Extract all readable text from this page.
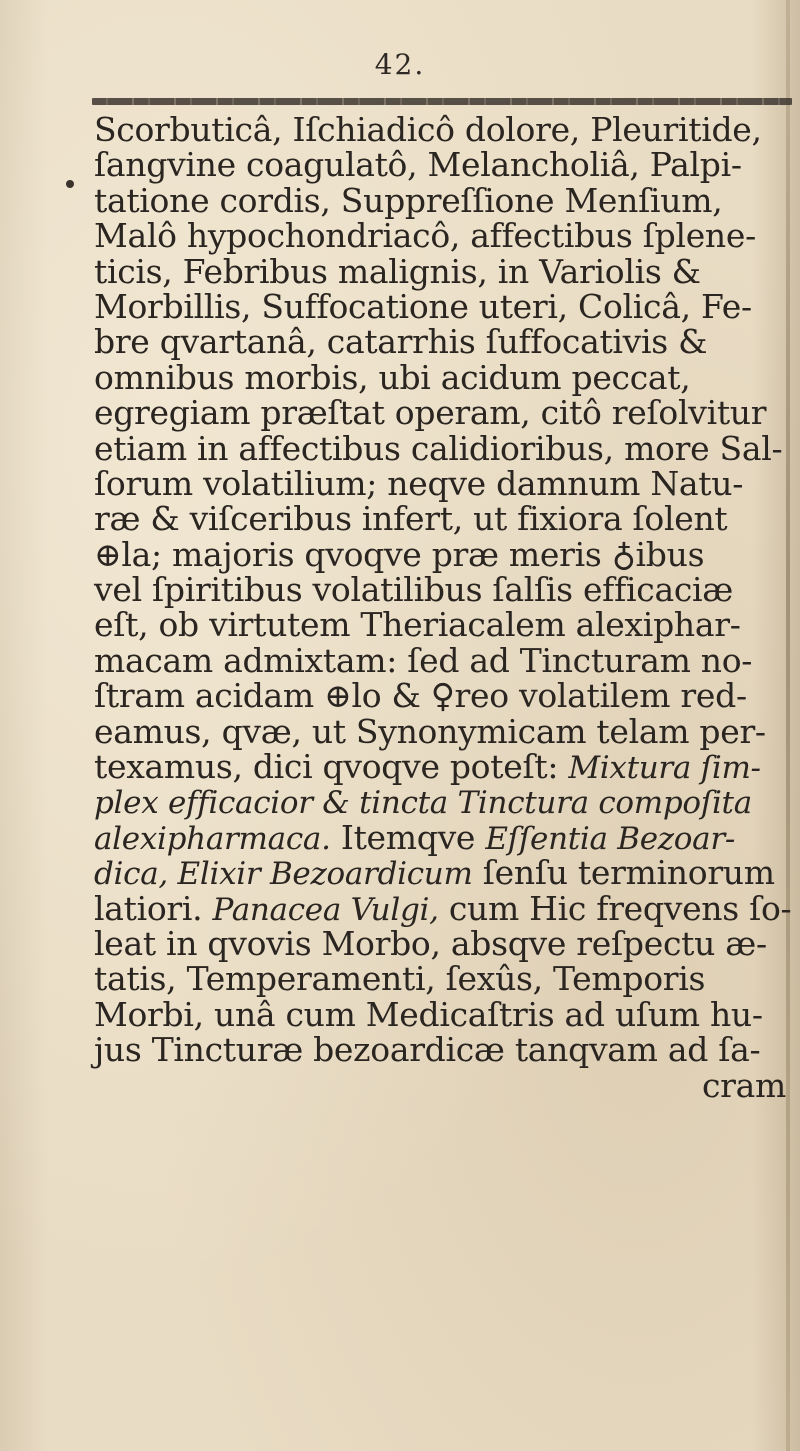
42.
Scorbuticâ, Iſchiadicô dolore, Pleuritide,
ſangvine coagulatô, Melancholiâ, Palpi-
tatione cordis, Suppreſſione Menſium,
Malô hypochondriacô, affectibus ſplene-
ticis, Febribus malignis, in Variolis &
Morbillis, Suffocatione uteri, Colicâ, Fe-
bre qvartanâ, catarrhis ſuffocativis &
omnibus morbis, ubi acidum peccat,
egregiam præſtat operam, citô reſolvitur
etiam in affectibus calidioribus, more Sal-
ſorum volatilium; neqve damnum Natu-
ræ & viſceribus infert, ut fixiora ſolent
⊕la; majoris qvoqve præ meris ♁ibus
vel ſpiritibus volatilibus ſalſis efficaciæ
eſt, ob virtutem Theriacalem alexiphar-
macam admixtam: ſed ad Tincturam no-
ſtram acidam ⊕lo & ♀reo volatilem red-
eamus, qvæ, ut Synonymicam telam per-
texamus, dici qvoqve poteſt: Mixtura ſim-
plex efficacior & tincta Tinctura compoſita
alexipharmaca. Itemqve Eſſentia Bezoar-
dica, Elixir Bezoardicum ſenſu terminorum
latiori. Panacea Vulgi, cum Hic freqvens ſo-
leat in qvovis Morbo, absqve reſpectu æ-
tatis, Temperamenti, ſexûs, Temporis
Morbi, unâ cum Medicaſtris ad uſum hu-
jus Tincturæ bezoardicæ tanqvam ad ſa-
cram
